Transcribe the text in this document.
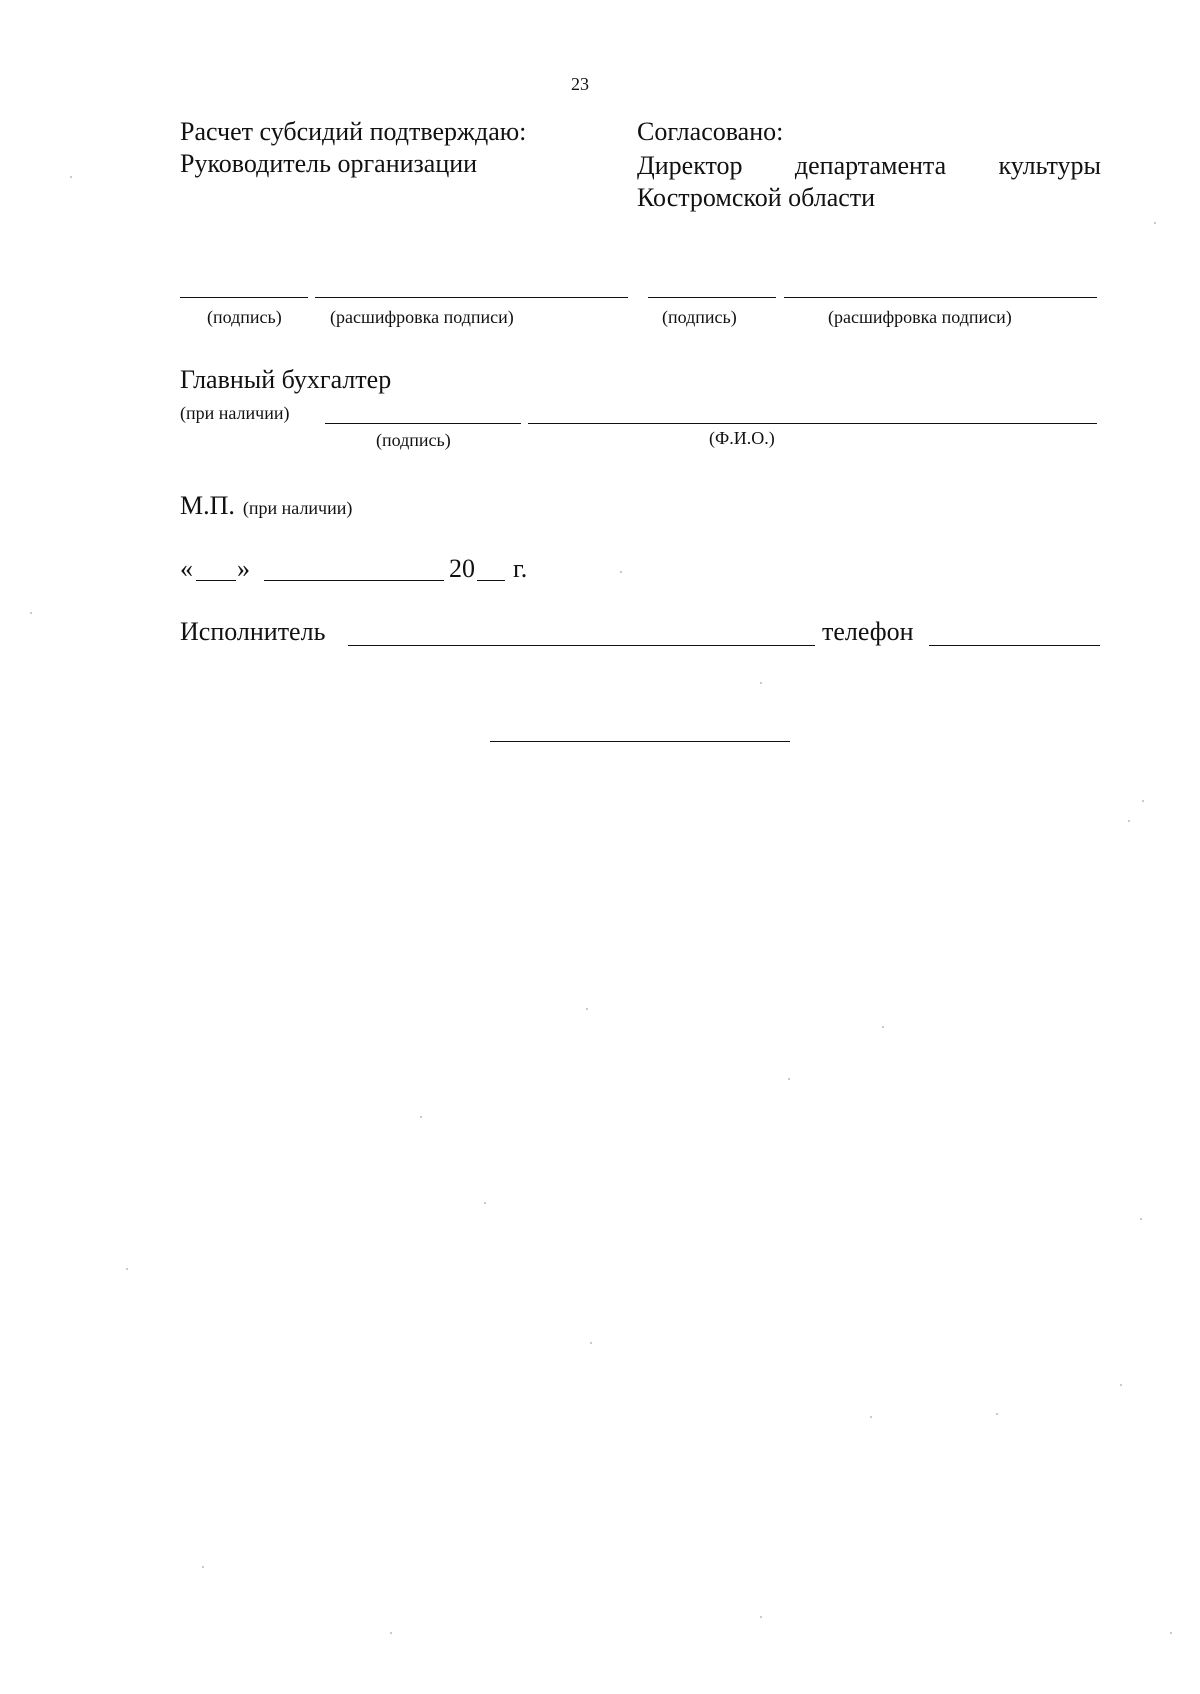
23
Расчет субсидий подтверждаю:
Руководитель организации
Согласовано:
Директор департамента культуры
Костромской области
(подпись)	(расшифровка подписи)	(подпись)	(расшифровка подписи)
Главный бухгалтер
(при наличии)
(подпись)	(Ф.И.О.)
М.П. (при наличии)
« »	20 г.
Исполнитель	телефон
